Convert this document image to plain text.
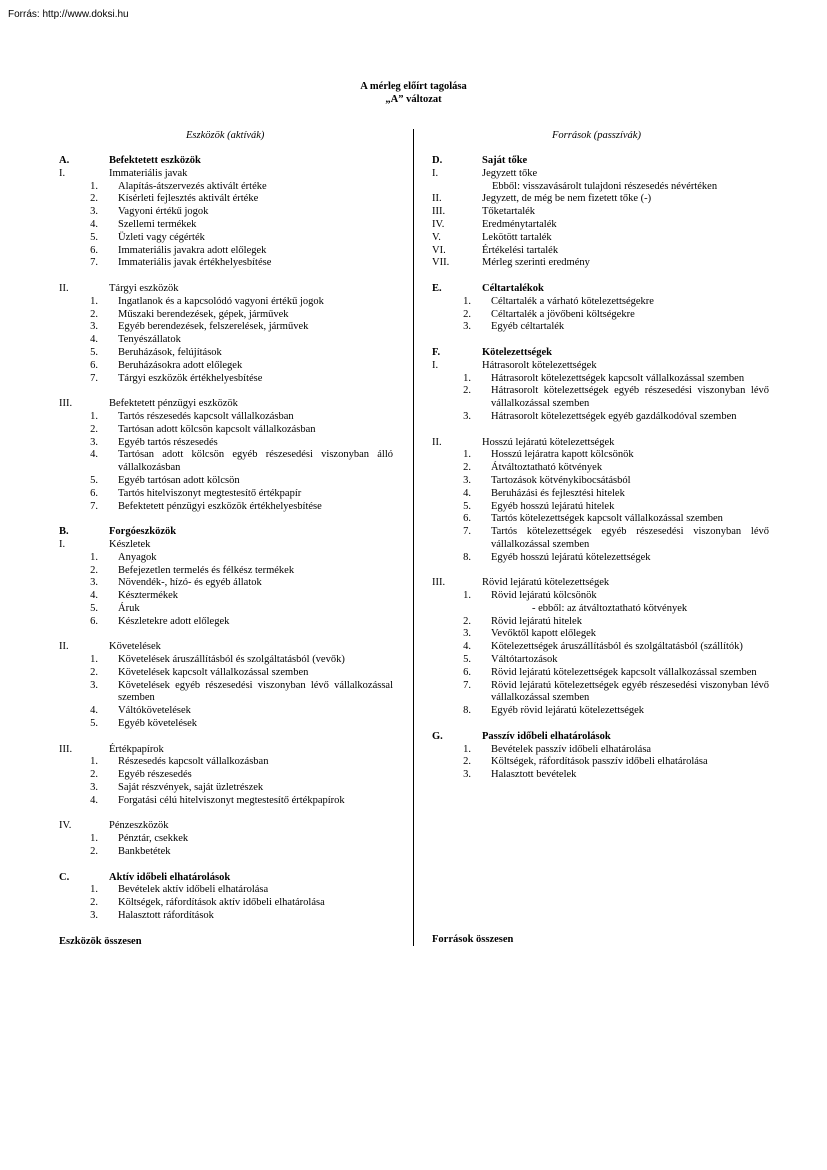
Forrás: http://www.doksi.hu
A mérleg előírt tagolása
„A” változat
Eszközök (aktívák)	Források (passzívák)
A.	Befektetett eszközök
I.	Immateriális javak
1. Alapítás-átszervezés aktivált értéke
2. Kísérleti fejlesztés aktivált értéke
3. Vagyoni értékű jogok
4. Szellemi termékek
5. Üzleti vagy cégérték
6. Immateriális javakra adott előlegek
7. Immateriális javak értékhelyesbítése
II.	Tárgyi eszközök
1. Ingatlanok és a kapcsolódó vagyoni értékű jogok
2. Műszaki berendezések, gépek, járművek
3. Egyéb berendezések, felszerelések, járművek
4. Tenyészállatok
5. Beruházások, felújítások
6. Beruházásokra adott előlegek
7. Tárgyi eszközök értékhelyesbítése
III.	Befektetett pénzügyi eszközök
1. Tartós részesedés kapcsolt vállalkozásban
2. Tartósan adott kölcsön kapcsolt vállalkozásban
3. Egyéb tartós részesedés
4. Tartósan adott kölcsön egyéb részesedési viszonyban álló vállalkozásban
5. Egyéb tartósan adott kölcsön
6. Tartós hitelviszonyt megtestesítő értékpapír
7. Befektetett pénzügyi eszközök értékhelyesbítése
B.	Forgóeszközök
I.	Készletek
1. Anyagok
2. Befejezetlen termelés és félkész termékek
3. Növendék-, hízó- és egyéb állatok
4. Késztermékek
5. Áruk
6. Készletekre adott előlegek
II.	Követelések
1. Követelések áruszállításból és szolgáltatásból (vevők)
2. Követelések kapcsolt vállalkozással szemben
3. Követelések egyéb részesedési viszonyban lévő vállalkozással szemben
4. Váltókövetelések
5. Egyéb követelések
III.	Értékpapírok
1. Részesedés kapcsolt vállalkozásban
2. Egyéb részesedés
3. Saját részvények, saját üzletrészek
4. Forgatási célú hitelviszonyt megtestesítő értékpapírok
IV.	Pénzeszközök
1. Pénztár, csekkek
2. Bankbetétek
C.	Aktív időbeli elhatárolások
1. Bevételek aktív időbeli elhatárolása
2. Költségek, ráfordítások aktív időbeli elhatárolása
3. Halasztott ráfordítások
Eszközök összesen
D.	Saját tőke
I.	Jegyzett tőke
Ebből: visszavásárolt tulajdoni részesedés névértéken
II.	Jegyzett, de még be nem fizetett tőke (-)
III.	Tőketartalék
IV.	Eredménytartalék
V.	Lekötött tartalék
VI.	Értékelési tartalék
VII.	Mérleg szerinti eredmény
E.	Céltartalékok
1. Céltartalék a várható kötelezettségekre
2. Céltartalék a jövőbeni költségekre
3. Egyéb céltartalék
F.	Kötelezettségek
I.	Hátrasorolt kötelezettségek
1. Hátrasorolt kötelezettségek kapcsolt vállalkozással szemben
2. Hátrasorolt kötelezettségek egyéb részesedési viszonyban lévő vállalkozással szemben
3. Hátrasorolt kötelezettségek egyéb gazdálkodóval szemben
II.	Hosszú lejáratú kötelezettségek
1. Hosszú lejáratra kapott kölcsönök
2. Átváltoztatható kötvények
3. Tartozások kötvénykibocsátásból
4. Beruházási és fejlesztési hitelek
5. Egyéb hosszú lejáratú hitelek
6. Tartós kötelezettségek kapcsolt vállalkozással szemben
7. Tartós kötelezettségek egyéb részesedési viszonyban lévő vállalkozással szemben
8. Egyéb hosszú lejáratú kötelezettségek
III.	Rövid lejáratú kötelezettségek
1. Rövid lejáratú kölcsönök
- ebből: az átváltoztatható kötvények
2. Rövid lejáratú hitelek
3. Vevőktől kapott előlegek
4. Kötelezettségek áruszállításból és szolgáltatásból (szállítók)
5. Váltótartozások
6. Rövid lejáratú kötelezettségek kapcsolt vállalkozással szemben
7. Rövid lejáratú kötelezettségek egyéb részesedési viszonyban lévő vállalkozással szemben
8. Egyéb rövid lejáratú kötelezettségek
G.	Passzív időbeli elhatárolások
1. Bevételek passzív időbeli elhatárolása
2. Költségek, ráfordítások passzív időbeli elhatárolása
3. Halasztott bevételek
Források összesen
